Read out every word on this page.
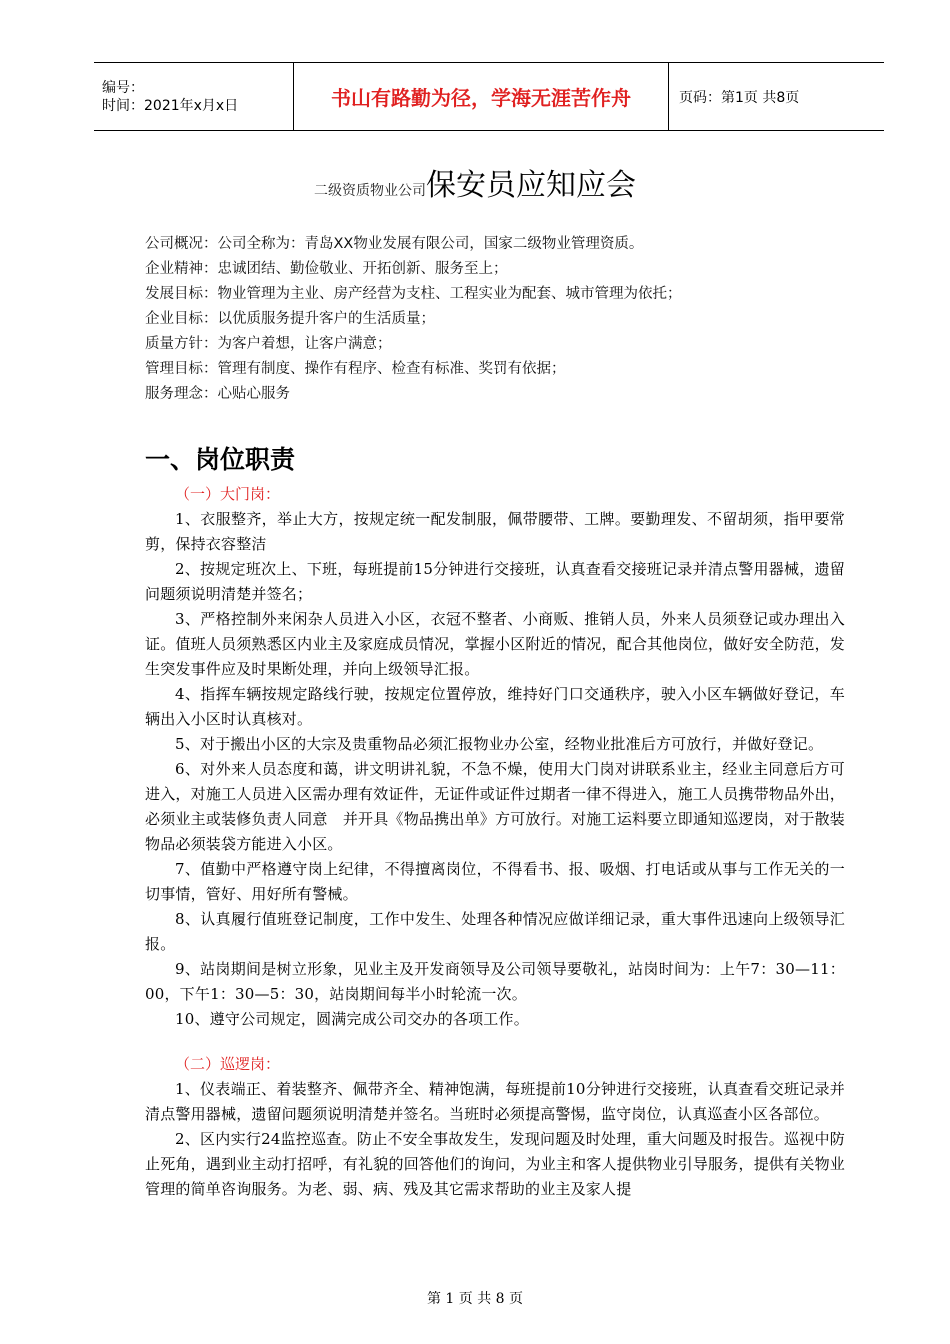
编号：
时间：2021年x月x日	书山有路勤为径，学海无涯苦作舟	页码：第1页 共8页
二级资质物业公司保安员应知应会

公司概况：公司全称为：青岛XX物业发展有限公司，国家二级物业管理资质。

企业精神：忠诚团结、勤俭敬业、开拓创新、服务至上；

发展目标：物业管理为主业、房产经营为支柱、工程实业为配套、城市管理为依托；

企业目标：以优质服务提升客户的生活质量；

质量方针：为客户着想，让客户满意；

管理目标：管理有制度、操作有程序、检查有标准、奖罚有依据；

服务理念：心贴心服务

一、岗位职责

（一）大门岗：

1、衣服整齐，举止大方，按规定统一配发制服，佩带腰带、工牌。要勤理发、不留胡须，指甲要常剪，保持衣容整洁

2、按规定班次上、下班，每班提前15分钟进行交接班，认真查看交接班记录并清点警用器械，遗留问题须说明清楚并签名；

3、严格控制外来闲杂人员进入小区，衣冠不整者、小商贩、推销人员，外来人员须登记或办理出入证。值班人员须熟悉区内业主及家庭成员情况，掌握小区附近的情况，配合其他岗位，做好安全防范，发生突发事件应及时果断处理，并向上级领导汇报。

4、指挥车辆按规定路线行驶，按规定位置停放，维持好门口交通秩序，驶入小区车辆做好登记，车辆出入小区时认真核对。

5、对于搬出小区的大宗及贵重物品必须汇报物业办公室，经物业批准后方可放行，并做好登记。

6、对外来人员态度和蔼，讲文明讲礼貌，不急不燥，使用大门岗对讲联系业主，经业主同意后方可进入，对施工人员进入区需办理有效证件，无证件或证件过期者一律不得进入，施工人员携带物品外出，必须业主或装修负责人同意　并开具《物品携出单》方可放行。对施工运料要立即通知巡逻岗，对于散装物品必须装袋方能进入小区。

7、值勤中严格遵守岗上纪律，不得擅离岗位，不得看书、报、吸烟、打电话或从事与工作无关的一切事情，管好、用好所有警械。

8、认真履行值班登记制度，工作中发生、处理各种情况应做详细记录，重大事件迅速向上级领导汇报。

9、站岗期间是树立形象，见业主及开发商领导及公司领导要敬礼，站岗时间为：上午7：30—11：00，下午1：30—5：30，站岗期间每半小时轮流一次。

10、遵守公司规定，圆满完成公司交办的各项工作。

（二）巡逻岗：

1、仪表端正、着装整齐、佩带齐全、精神饱满，每班提前10分钟进行交接班，认真查看交班记录并清点警用器械，遗留问题须说明清楚并签名。当班时必须提高警惕，监守岗位，认真巡查小区各部位。

2、区内实行24监控巡查。防止不安全事故发生，发现问题及时处理，重大问题及时报告。巡视中防止死角，遇到业主动打招呼，有礼貌的回答他们的询问，为业主和客人提供物业引导服务，提供有关物业管理的简单咨询服务。为老、弱、病、残及其它需求帮助的业主及家人提

第 1 页 共 8 页
